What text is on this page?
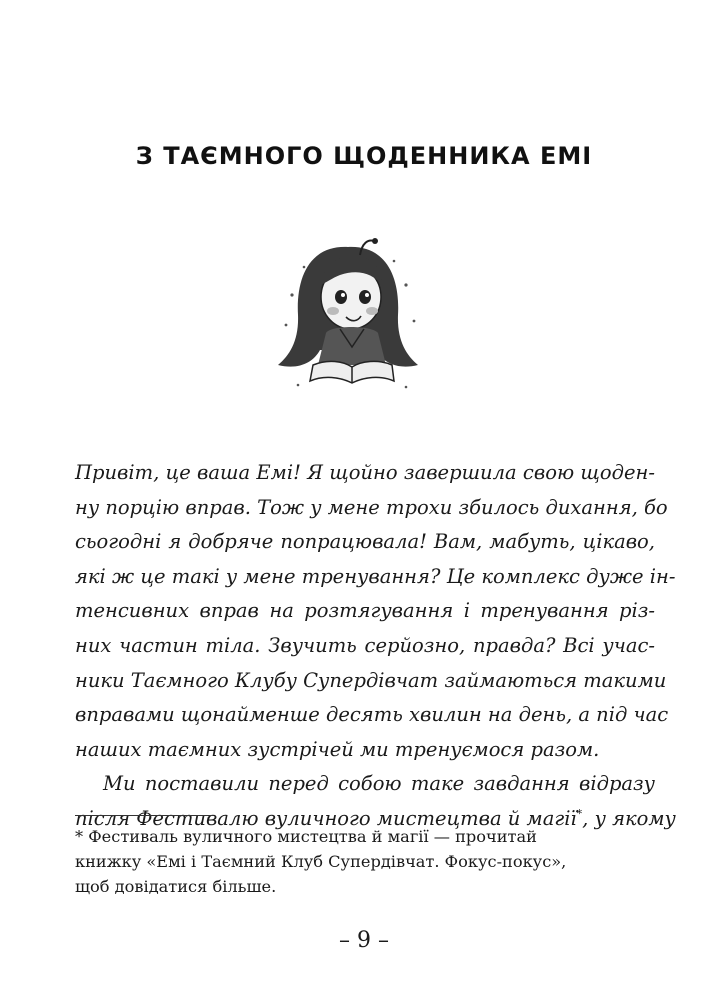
З ТАЄМНОГО ЩОДЕННИКА ЕМІ
Привіт, це ваша Емі! Я щойно завершила свою щоден-
ну порцію вправ. Тож у мене трохи збилось дихання, бо
сьогодні я добряче попрацювала! Вам, мабуть, цікаво,
які ж це такі у мене тренування? Це комплекс дуже ін-
тенсивних вправ на розтягування і тренування різ-
них частин тіла. Звучить серйозно, правда? Всі учас-
ники Таємного Клубу Супердівчат займаються такими
вправами щонайменше десять хвилин на день, а під час
наших таємних зустрічей ми тренуємося разом.
Ми поставили перед собою таке завдання відразу
після Фестивалю вуличного мистецтва й магії*, у якому
* Фестиваль вуличного мистецтва й магії — прочитай
книжку «Емі і Таємний Клуб Супердівчат. Фокус-покус»,
щоб довідатися більше.
– 9 –
